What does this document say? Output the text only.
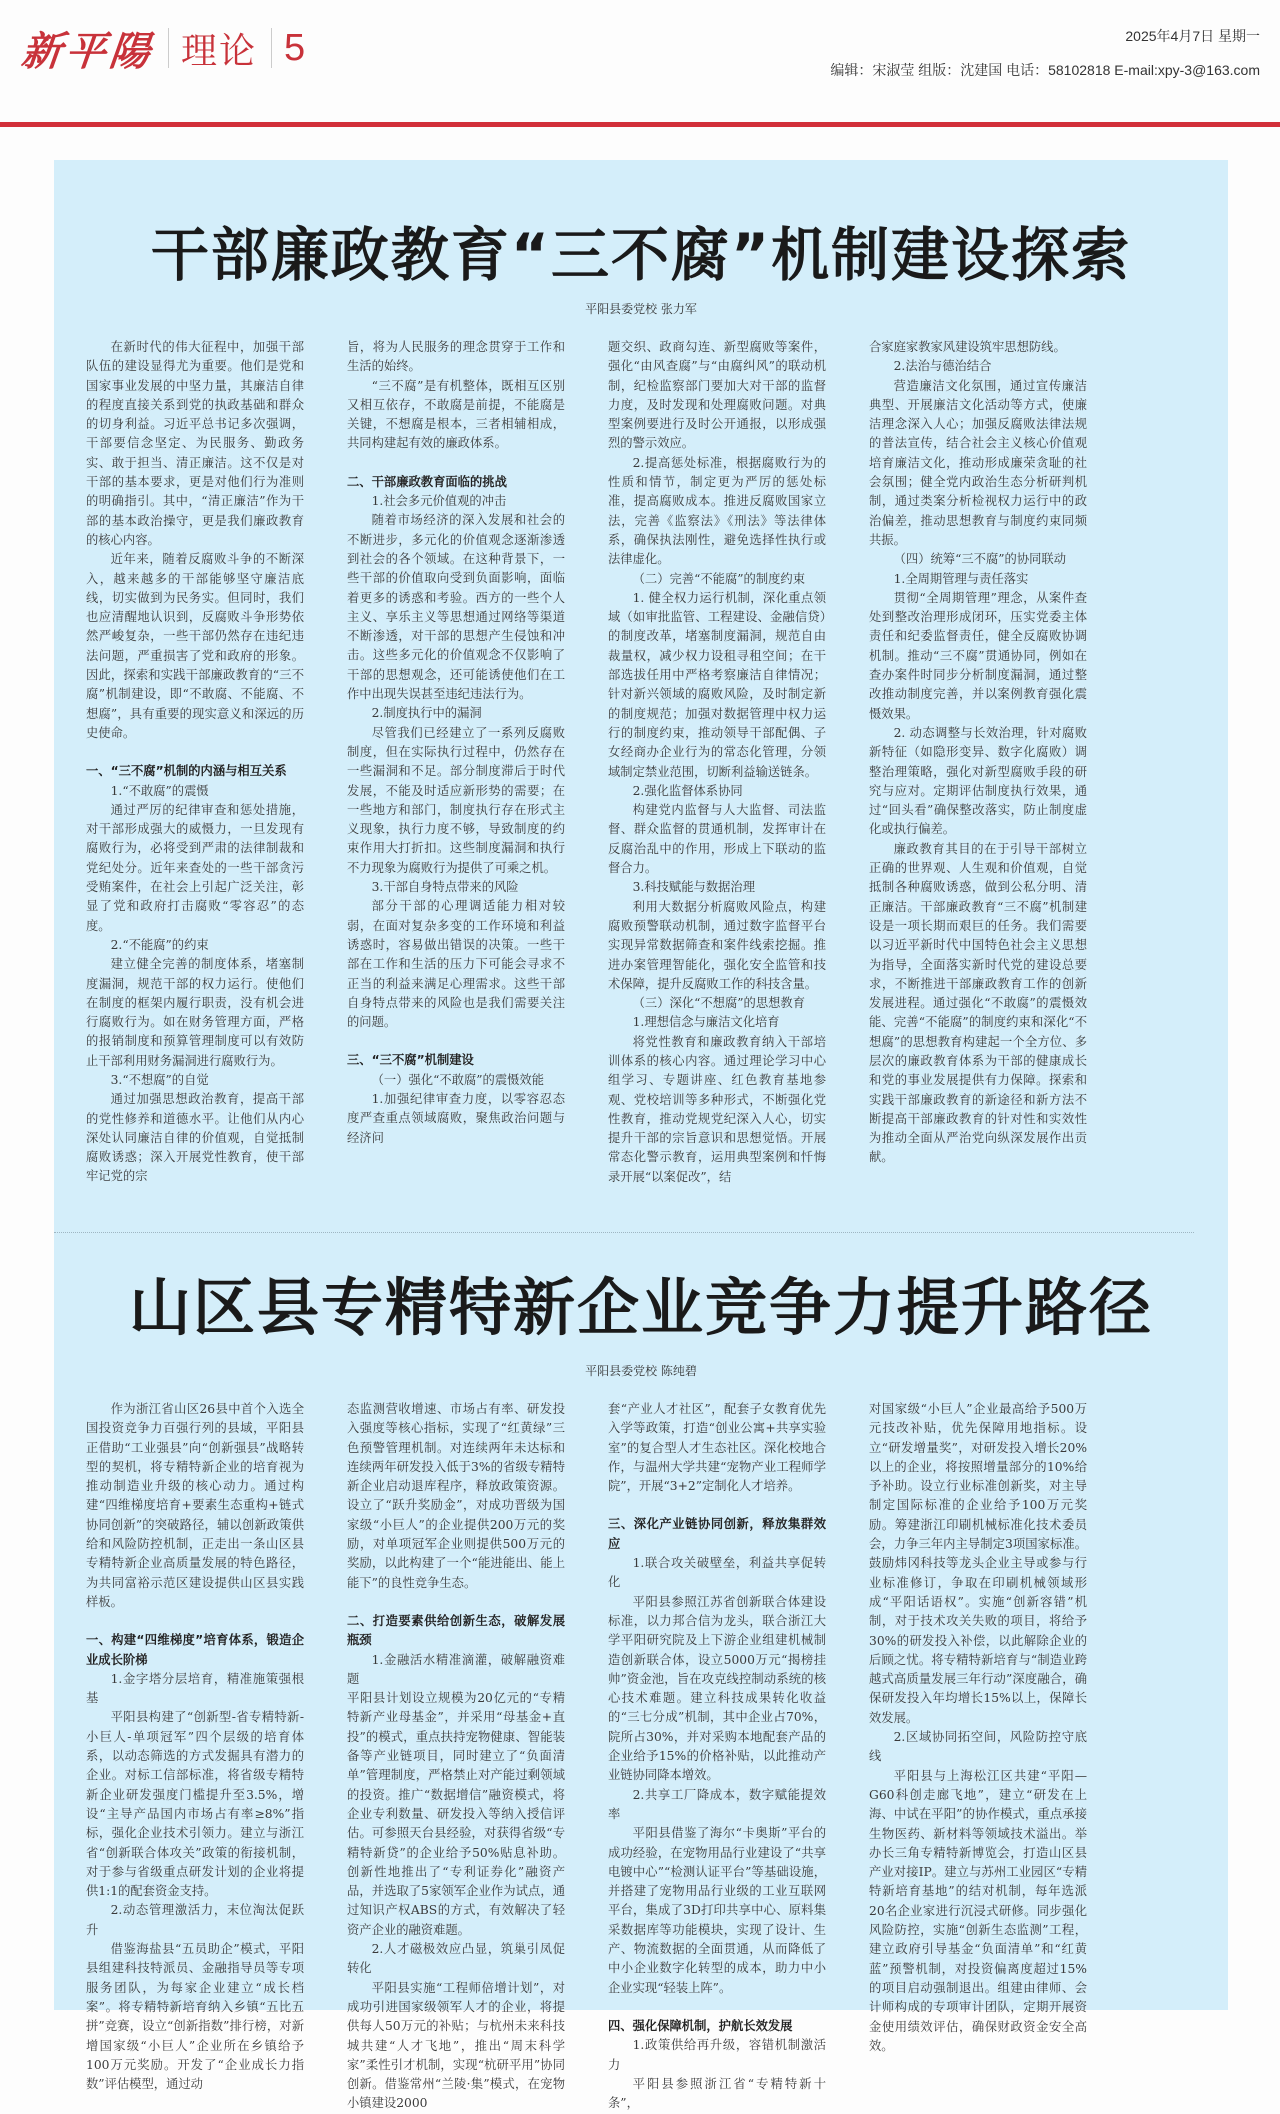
新平陽 理论 5	2025年4月7日 星期一
编辑：宋淑莹 组版：沈建国 电话：58102818 E-mail:xpy-3@163.com
干部廉政教育“三不腐”机制建设探索
平阳县委党校 张力军

在新时代的伟大征程中，加强干部队伍的建设显得尤为重要。他们是党和国家事业发展的中坚力量，其廉洁自律的程度直接关系到党的执政基础和群众的切身利益。习近平总书记多次强调，干部要信念坚定、为民服务、勤政务实、敢于担当、清正廉洁。这不仅是对干部的基本要求，更是对他们行为准则的明确指引。其中，“清正廉洁”作为干部的基本政治操守，更是我们廉政教育的核心内容。

近年来，随着反腐败斗争的不断深入，越来越多的干部能够坚守廉洁底线，切实做到为民务实。但同时，我们也应清醒地认识到，反腐败斗争形势依然严峻复杂，一些干部仍然存在违纪违法问题，严重损害了党和政府的形象。因此，探索和实践干部廉政教育的“三不腐”机制建设，即“不敢腐、不能腐、不想腐”，具有重要的现实意义和深远的历史使命。

一、“三不腐”机制的内涵与相互关系

1.“不敢腐”的震慑

通过严厉的纪律审查和惩处措施，对干部形成强大的威慑力，一旦发现有腐败行为，必将受到严肃的法律制裁和党纪处分。近年来查处的一些干部贪污受贿案件，在社会上引起广泛关注，彰显了党和政府打击腐败“零容忍”的态度。

2.“不能腐”的约束

建立健全完善的制度体系，堵塞制度漏洞，规范干部的权力运行。使他们在制度的框架内履行职责，没有机会进行腐败行为。如在财务管理方面，严格的报销制度和预算管理制度可以有效防止干部利用财务漏洞进行腐败行为。

3.“不想腐”的自觉

通过加强思想政治教育，提高干部的党性修养和道德水平。让他们从内心深处认同廉洁自律的价值观，自觉抵制腐败诱惑；深入开展党性教育，使干部牢记党的宗

旨，将为人民服务的理念贯穿于工作和生活的始终。

“三不腐”是有机整体，既相互区别又相互依存，不敢腐是前提，不能腐是关键，不想腐是根本，三者相辅相成，共同构建起有效的廉政体系。

二、干部廉政教育面临的挑战

1.社会多元价值观的冲击

随着市场经济的深入发展和社会的不断进步，多元化的价值观念逐渐渗透到社会的各个领域。在这种背景下，一些干部的价值取向受到负面影响，面临着更多的诱惑和考验。西方的一些个人主义、享乐主义等思想通过网络等渠道不断渗透，对干部的思想产生侵蚀和冲击。这些多元化的价值观念不仅影响了干部的思想观念，还可能诱使他们在工作中出现失误甚至违纪违法行为。

2.制度执行中的漏洞

尽管我们已经建立了一系列反腐败制度，但在实际执行过程中，仍然存在一些漏洞和不足。部分制度滞后于时代发展，不能及时适应新形势的需要；在一些地方和部门，制度执行存在形式主义现象，执行力度不够，导致制度的约束作用大打折扣。这些制度漏洞和执行不力现象为腐败行为提供了可乘之机。

3.干部自身特点带来的风险

部分干部的心理调适能力相对较弱，在面对复杂多变的工作环境和利益诱惑时，容易做出错误的决策。一些干部在工作和生活的压力下可能会寻求不正当的利益来满足心理需求。这些干部自身特点带来的风险也是我们需要关注的问题。

三、“三不腐”机制建设

（一）强化“不敢腐”的震慑效能

1.加强纪律审查力度，以零容忍态度严查重点领域腐败，聚焦政治问题与经济问

题交织、政商勾连、新型腐败等案件，强化“由风查腐”与“由腐纠风”的联动机制，纪检监察部门要加大对干部的监督力度，及时发现和处理腐败问题。对典型案例要进行及时公开通报，以形成强烈的警示效应。

2.提高惩处标准，根据腐败行为的性质和情节，制定更为严厉的惩处标准，提高腐败成本。推进反腐败国家立法，完善《监察法》《刑法》等法律体系，确保执法刚性，避免选择性执行或法律虚化。

（二）完善“不能腐”的制度约束

1. 健全权力运行机制，深化重点领域（如审批监管、工程建设、金融信贷）的制度改革，堵塞制度漏洞，规范自由裁量权，减少权力设租寻租空间；在干部选拔任用中严格考察廉洁自律情况；针对新兴领域的腐败风险，及时制定新的制度规范；加强对数据管理中权力运行的制度约束，推动领导干部配偶、子女经商办企业行为的常态化管理，分领域制定禁业范围，切断利益输送链条。

2.强化监督体系协同

构建党内监督与人大监督、司法监督、群众监督的贯通机制，发挥审计在反腐治乱中的作用，形成上下联动的监督合力。

3.科技赋能与数据治理

利用大数据分析腐败风险点，构建腐败预警联动机制，通过数字监督平台实现异常数据筛查和案件线索挖掘。推进办案管理智能化，强化安全监管和技术保障，提升反腐败工作的科技含量。

（三）深化“不想腐”的思想教育

1.理想信念与廉洁文化培育

将党性教育和廉政教育纳入干部培训体系的核心内容。通过理论学习中心组学习、专题讲座、红色教育基地参观、党校培训等多种形式，不断强化党性教育，推动党规党纪深入人心，切实提升干部的宗旨意识和思想觉悟。开展常态化警示教育，运用典型案例和忏悔录开展“以案促改”，结

合家庭家教家风建设筑牢思想防线。

2.法治与德治结合

营造廉洁文化氛围，通过宣传廉洁典型、开展廉洁文化活动等方式，使廉洁理念深入人心；加强反腐败法律法规的普法宣传，结合社会主义核心价值观培育廉洁文化，推动形成廉荣贪耻的社会氛围；健全党内政治生态分析研判机制，通过类案分析检视权力运行中的政治偏差，推动思想教育与制度约束同频共振。

（四）统筹“三不腐”的协同联动

1.全周期管理与责任落实

贯彻“全周期管理”理念，从案件查处到整改治理形成闭环，压实党委主体责任和纪委监督责任，健全反腐败协调机制。推动“三不腐”贯通协同，例如在查办案件时同步分析制度漏洞，通过整改推动制度完善，并以案例教育强化震慑效果。

2. 动态调整与长效治理，针对腐败新特征（如隐形变异、数字化腐败）调整治理策略，强化对新型腐败手段的研究与应对。定期评估制度执行效果，通过“回头看”确保整改落实，防止制度虚化或执行偏差。

廉政教育其目的在于引导干部树立正确的世界观、人生观和价值观，自觉抵制各种腐败诱惑，做到公私分明、清正廉洁。干部廉政教育“三不腐”机制建设是一项长期而艰巨的任务。我们需要以习近平新时代中国特色社会主义思想为指导，全面落实新时代党的建设总要求，不断推进干部廉政教育工作的创新发展进程。通过强化“不敢腐”的震慑效能、完善“不能腐”的制度约束和深化“不想腐”的思想教育构建起一个全方位、多层次的廉政教育体系为干部的健康成长和党的事业发展提供有力保障。探索和实践干部廉政教育的新途径和新方法不断提高干部廉政教育的针对性和实效性为推动全面从严治党向纵深发展作出贡献。

山区县专精特新企业竞争力提升路径
平阳县委党校 陈纯碧

作为浙江省山区26县中首个入选全国投资竞争力百强行列的县域，平阳县正借助“工业强县”向“创新强县”战略转型的契机，将专精特新企业的培育视为推动制造业升级的核心动力。通过构建“四维梯度培育+要素生态重构+链式协同创新”的突破路径，辅以创新政策供给和风险防控机制，正走出一条山区县专精特新企业高质量发展的特色路径，为共同富裕示范区建设提供山区县实践样板。

一、构建“四维梯度”培育体系，锻造企业成长阶梯

1.金字塔分层培育，精准施策强根基

平阳县构建了“创新型-省专精特新-小巨人-单项冠军”四个层级的培育体系，以动态筛选的方式发掘具有潜力的企业。对标工信部标准，将省级专精特新企业研发强度门槛提升至3.5%，增设“主导产品国内市场占有率≥8%”指标，强化企业技术引领力。建立与浙江省“创新联合体攻关”政策的衔接机制，对于参与省级重点研发计划的企业将提供1:1的配套资金支持。

2.动态管理激活力，末位淘汰促跃升

借鉴海盐县“五员助企”模式，平阳县组建科技特派员、金融指导员等专项服务团队，为每家企业建立“成长档案”。将专精特新培育纳入乡镇“五比五拼”竞赛，设立“创新指数”排行榜，对新增国家级“小巨人”企业所在乡镇给予100万元奖励。开发了“企业成长力指数”评估模型，通过动

态监测营收增速、市场占有率、研发投入强度等核心指标，实现了“红黄绿”三色预警管理机制。对连续两年未达标和连续两年研发投入低于3%的省级专精特新企业启动退库程序，释放政策资源。设立了“跃升奖励金”，对成功晋级为国家级“小巨人”的企业提供200万元的奖励，对单项冠军企业则提供500万元的奖励，以此构建了一个“能进能出、能上能下”的良性竞争生态。

二、打造要素供给创新生态，破解发展瓶颈

1.金融活水精准滴灌，破解融资难题

平阳县计划设立规模为20亿元的“专精特新产业母基金”，并采用“母基金+直投”的模式，重点扶持宠物健康、智能装备等产业链项目，同时建立了“负面清单”管理制度，严格禁止对产能过剩领域的投资。推广“数据增信”融资模式，将企业专利数量、研发投入等纳入授信评估。可参照天台县经验，对获得省级“专精特新贷”的企业给予50%贴息补助。创新性地推出了“专利证券化”融资产品，并选取了5家领军企业作为试点，通过知识产权ABS的方式，有效解决了轻资产企业的融资难题。

2.人才磁极效应凸显，筑巢引凤促转化

平阳县实施“工程师倍增计划”，对成功引进国家级领军人才的企业，将提供每人50万元的补贴；与杭州未来科技城共建“人才飞地”，推出“周末科学家”柔性引才机制，实现“杭研平用”协同创新。借鉴常州“兰陵·集”模式，在宠物小镇建设2000

套“产业人才社区”，配套子女教育优先入学等政策，打造“创业公寓+共享实验室”的复合型人才生态社区。深化校地合作，与温州大学共建“宠物产业工程师学院”，开展“3+2”定制化人才培养。

三、深化产业链协同创新，释放集群效应

1.联合攻关破壁垒，利益共享促转化

平阳县参照江苏省创新联合体建设标准，以力邦合信为龙头，联合浙江大学平阳研究院及上下游企业组建机械制造创新联合体，设立5000万元“揭榜挂帅”资金池，旨在攻克线控制动系统的核心技术难题。建立科技成果转化收益的“三七分成”机制，其中企业占70%，院所占30%，并对采购本地配套产品的企业给予15%的价格补贴，以此推动产业链协同降本增效。

2.共享工厂降成本，数字赋能提效率

平阳县借鉴了海尔“卡奥斯”平台的成功经验，在宠物用品行业建设了“共享电镀中心”“检测认证平台”等基础设施，并搭建了宠物用品行业级的工业互联网平台，集成了3D打印共享中心、原料集采数据库等功能模块，实现了设计、生产、物流数据的全面贯通，从而降低了中小企业数字化转型的成本，助力中小企业实现“轻装上阵”。

四、强化保障机制，护航长效发展

1.政策供给再升级，容错机制激活力

平阳县参照浙江省“专精特新十条”，

对国家级“小巨人”企业最高给予500万元技改补贴，优先保障用地指标。设立“研发增量奖”，对研发投入增长20%以上的企业，将按照增量部分的10%给予补助。设立行业标准创新奖，对主导制定国际标准的企业给予100万元奖励。筹建浙江印刷机械标准化技术委员会，力争三年内主导制定3项国家标准。鼓励炜冈科技等龙头企业主导或参与行业标准修订，争取在印刷机械领域形成“平阳话语权”。实施“创新容错”机制，对于技术攻关失败的项目，将给予30%的研发投入补偿，以此解除企业的后顾之忧。将专精特新培育与“制造业跨越式高质量发展三年行动”深度融合，确保研发投入年均增长15%以上，保障长效发展。

2.区域协同拓空间，风险防控守底线

平阳县与上海松江区共建“平阳—G60科创走廊飞地”，建立“研发在上海、中试在平阳”的协作模式，重点承接生物医药、新材料等领域技术溢出。举办长三角专精特新博览会，打造山区县产业对接IP。建立与苏州工业园区“专精特新培育基地”的结对机制，每年选派20名企业家进行沉浸式研修。同步强化风险防控，实施“创新生态监测”工程，建立政府引导基金“负面清单”和“红黄蓝”预警机制，对投资偏离度超过15%的项目启动强制退出。组建由律师、会计师构成的专项审计团队，定期开展资金使用绩效评估，确保财政资金安全高效。
